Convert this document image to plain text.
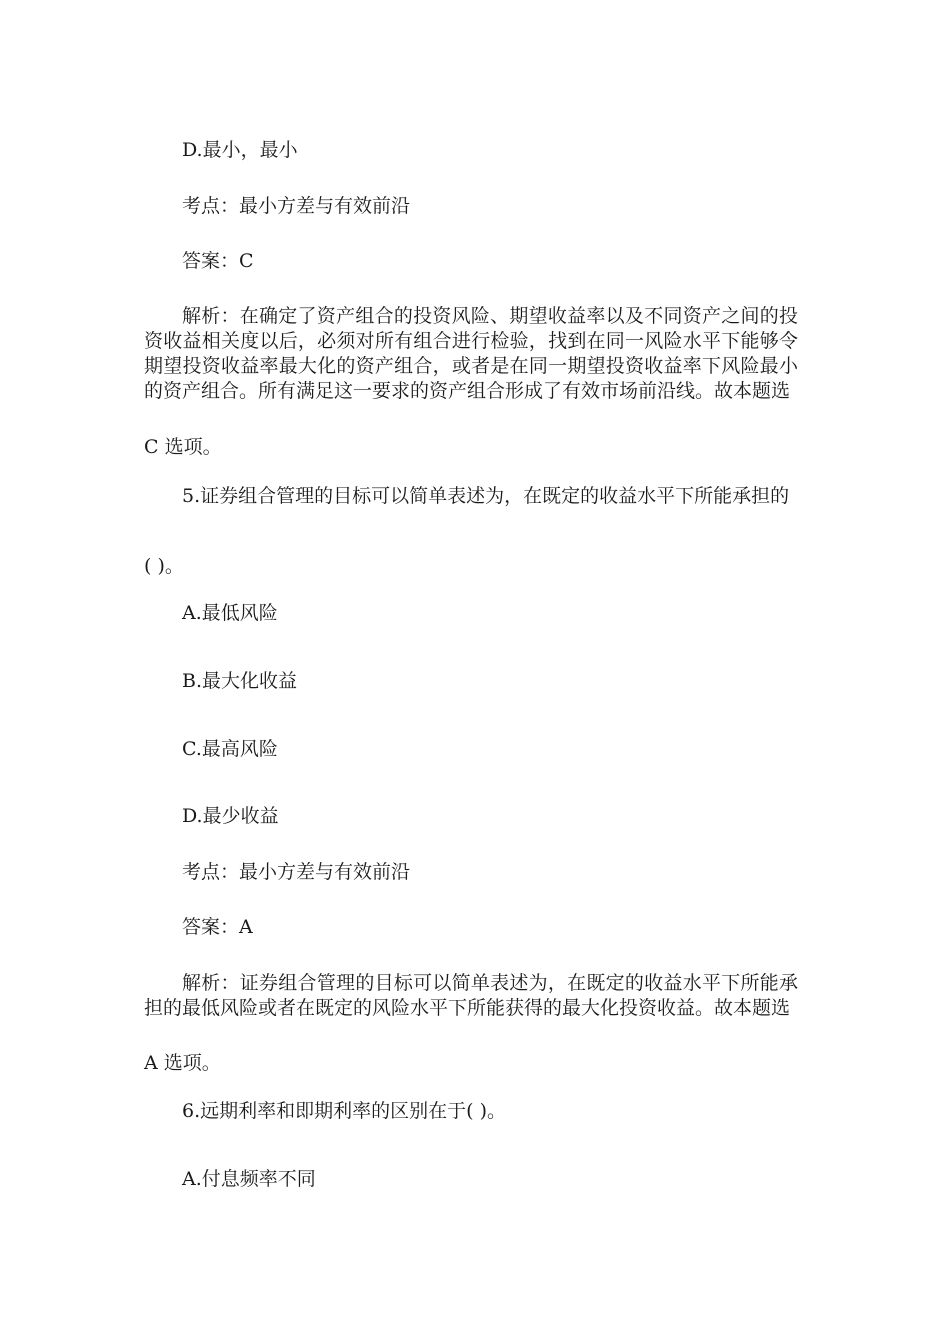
D.最小，最小

考点：最小方差与有效前沿

答案：C

解析：在确定了资产组合的投资风险、期望收益率以及不同资产之间的投资收益相关度以后，必须对所有组合进行检验，找到在同一风险水平下能够令期望投资收益率最大化的资产组合，或者是在同一期望投资收益率下风险最小的资产组合。所有满足这一要求的资产组合形成了有效市场前沿线。故本题选

C 选项。

5.证券组合管理的目标可以简单表述为，在既定的收益水平下所能承担的

( )。

A.最低风险

B.最大化收益

C.最高风险

D.最少收益

考点：最小方差与有效前沿

答案：A

解析：证券组合管理的目标可以简单表述为，在既定的收益水平下所能承担的最低风险或者在既定的风险水平下所能获得的最大化投资收益。故本题选

A 选项。

6.远期利率和即期利率的区别在于( )。

A.付息频率不同
